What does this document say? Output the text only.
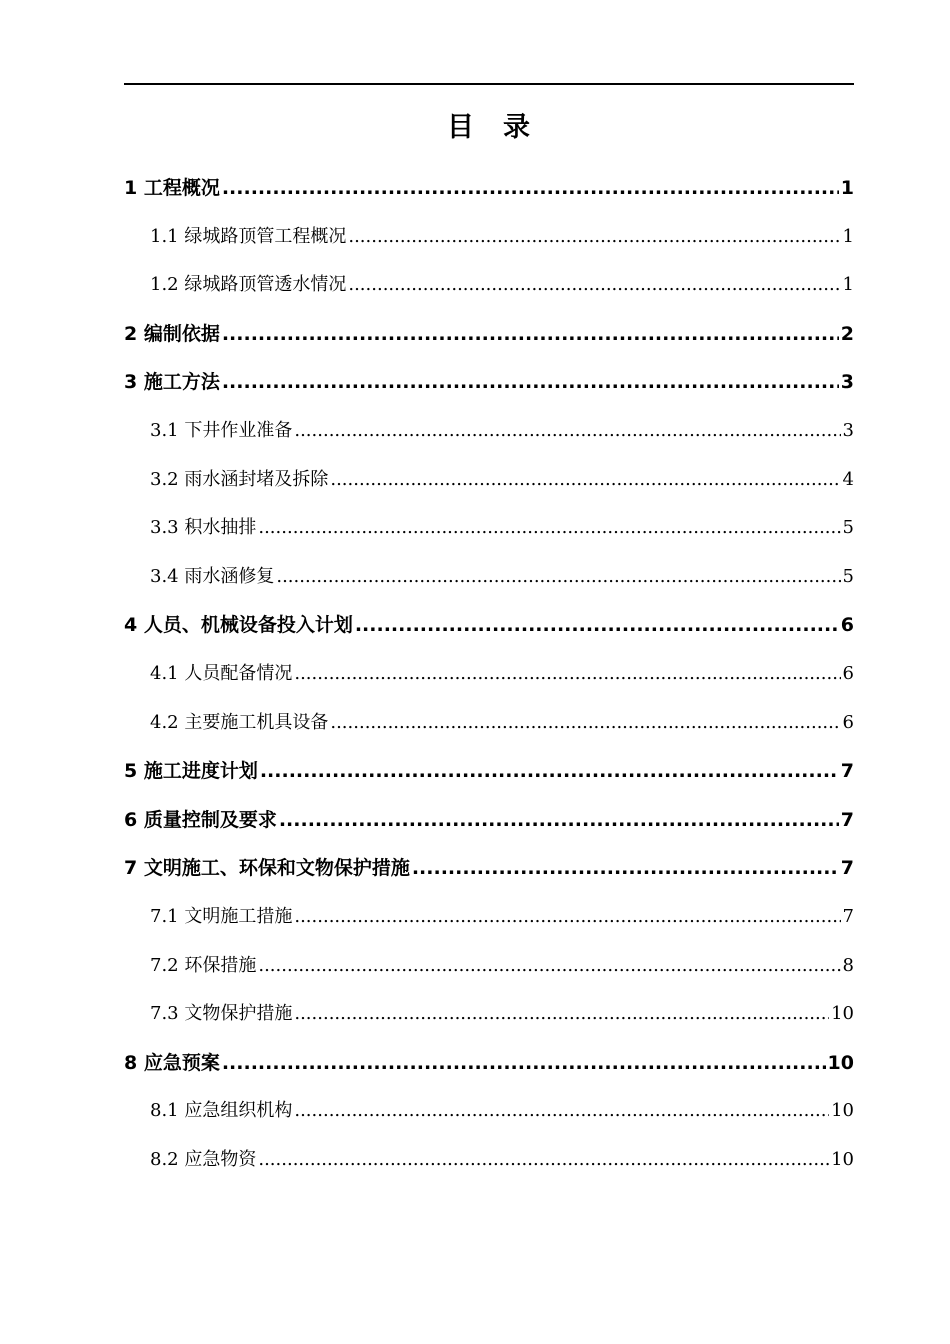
目　录
1 工程概况 .....	1
1.1 绿城路顶管工程概况 .....	1
1.2 绿城路顶管透水情况 .....	1
2 编制依据 .....	2
3 施工方法 .....	3
3.1 下井作业准备 .....	3
3.2 雨水涵封堵及拆除 .....	4
3.3 积水抽排 .....	5
3.4 雨水涵修复 .....	5
4 人员、机械设备投入计划 .....	6
4.1 人员配备情况 .....	6
4.2 主要施工机具设备 .....	6
5 施工进度计划 .....	7
6 质量控制及要求 .....	7
7 文明施工、环保和文物保护措施 .....	7
7.1 文明施工措施 .....	7
7.2 环保措施 .....	8
7.3 文物保护措施 .....	10
8 应急预案 .....	10
8.1 应急组织机构 .....	10
8.2 应急物资 .....	10
